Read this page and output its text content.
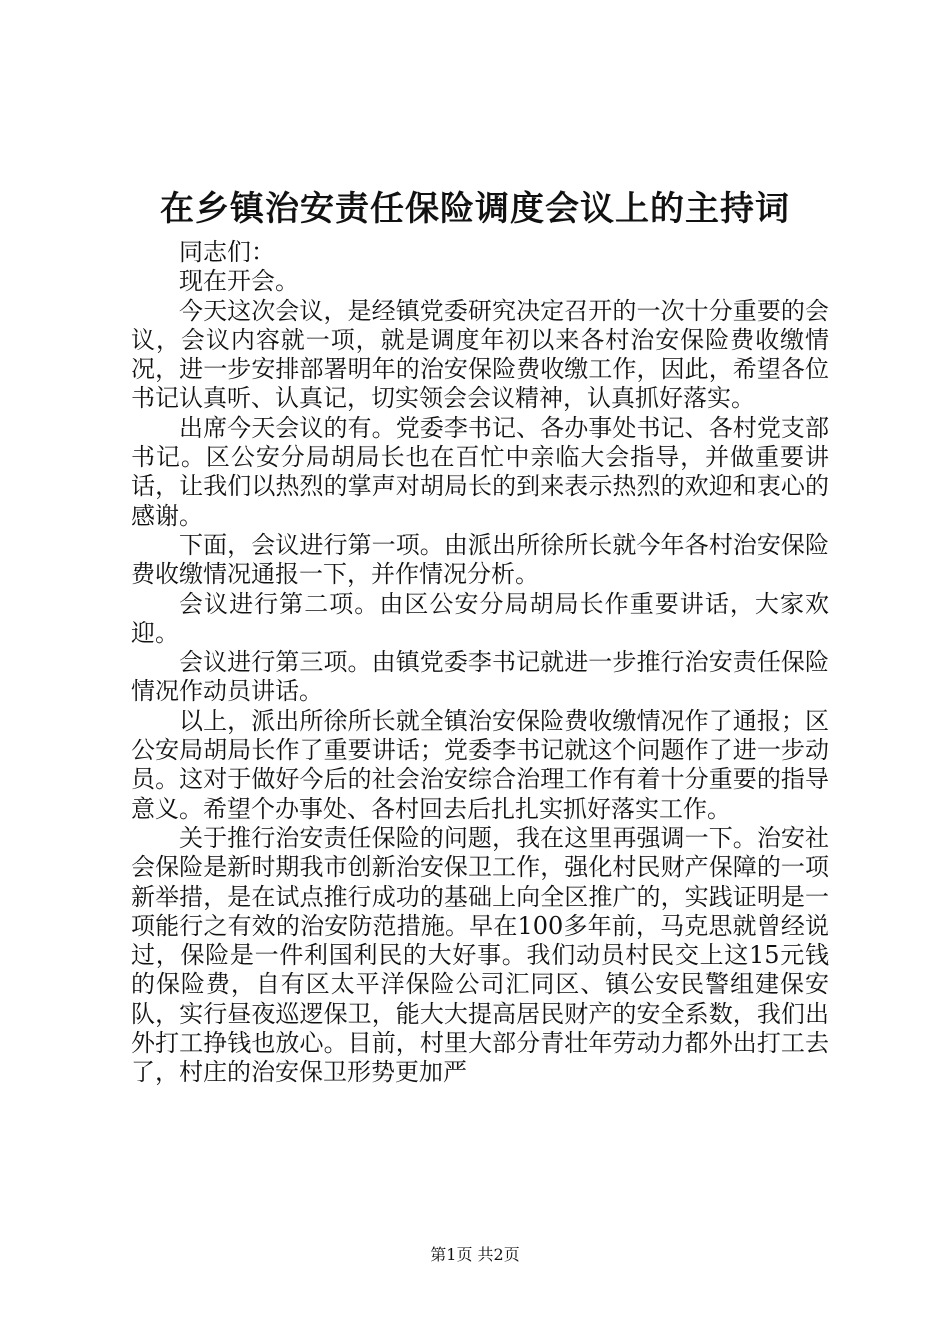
在乡镇治安责任保险调度会议上的主持词

同志们：

现在开会。

今天这次会议，是经镇党委研究决定召开的一次十分重要的会议，会议内容就一项，就是调度年初以来各村治安保险费收缴情况，进一步安排部署明年的治安保险费收缴工作，因此，希望各位书记认真听、认真记，切实领会会议精神，认真抓好落实。

出席今天会议的有。党委李书记、各办事处书记、各村党支部书记。区公安分局胡局长也在百忙中亲临大会指导，并做重要讲话，让我们以热烈的掌声对胡局长的到来表示热烈的欢迎和衷心的感谢。

下面，会议进行第一项。由派出所徐所长就今年各村治安保险费收缴情况通报一下，并作情况分析。

会议进行第二项。由区公安分局胡局长作重要讲话，大家欢迎。

会议进行第三项。由镇党委李书记就进一步推行治安责任保险情况作动员讲话。

以上，派出所徐所长就全镇治安保险费收缴情况作了通报；区公安局胡局长作了重要讲话；党委李书记就这个问题作了进一步动员。这对于做好今后的社会治安综合治理工作有着十分重要的指导意义。希望个办事处、各村回去后扎扎实抓好落实工作。

关于推行治安责任保险的问题，我在这里再强调一下。治安社会保险是新时期我市创新治安保卫工作，强化村民财产保障的一项新举措，是在试点推行成功的基础上向全区推广的，实践证明是一项能行之有效的治安防范措施。早在100多年前，马克思就曾经说过，保险是一件利国利民的大好事。我们动员村民交上这15元钱的保险费，自有区太平洋保险公司汇同区、镇公安民警组建保安队，实行昼夜巡逻保卫，能大大提高居民财产的安全系数，我们出外打工挣钱也放心。目前，村里大部分青壮年劳动力都外出打工去了，村庄的治安保卫形势更加严

第1页 共2页
